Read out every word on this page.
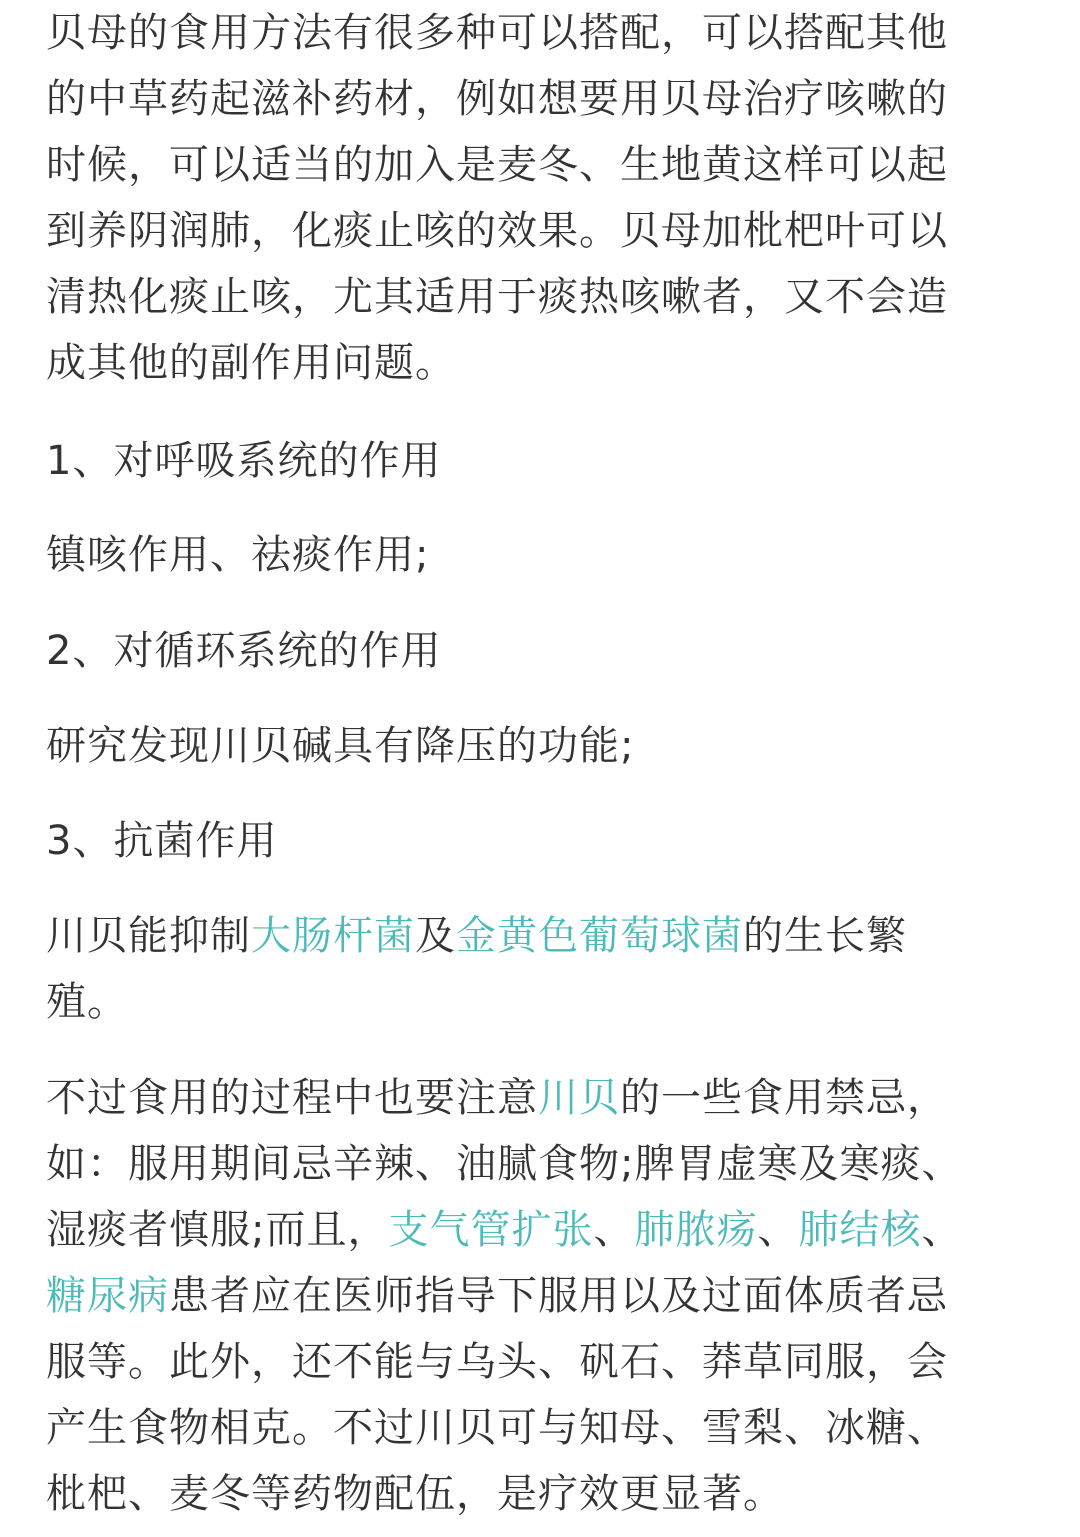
贝母的食用方法有很多种可以搭配，可以搭配其他
的中草药起滋补药材，例如想要用贝母治疗咳嗽的
时候，可以适当的加入是麦冬、生地黄这样可以起
到养阴润肺，化痰止咳的效果。贝母加枇杷叶可以
清热化痰止咳，尤其适用于痰热咳嗽者，又不会造
成其他的副作用问题。

1、对呼吸系统的作用

镇咳作用、祛痰作用;

2、对循环系统的作用

研究发现川贝碱具有降压的功能;

3、抗菌作用

川贝能抑制大肠杆菌及金黄色葡萄球菌的生长繁
殖。

不过食用的过程中也要注意川贝的一些食用禁忌，
如：服用期间忌辛辣、油腻食物;脾胃虚寒及寒痰、
湿痰者慎服;而且，支气管扩张、肺脓疡、肺结核、
糖尿病患者应在医师指导下服用以及过面体质者忌
服等。此外，还不能与乌头、矾石、莽草同服，会
产生食物相克。不过川贝可与知母、雪梨、冰糖、
枇杷、麦冬等药物配伍，是疗效更显著。
